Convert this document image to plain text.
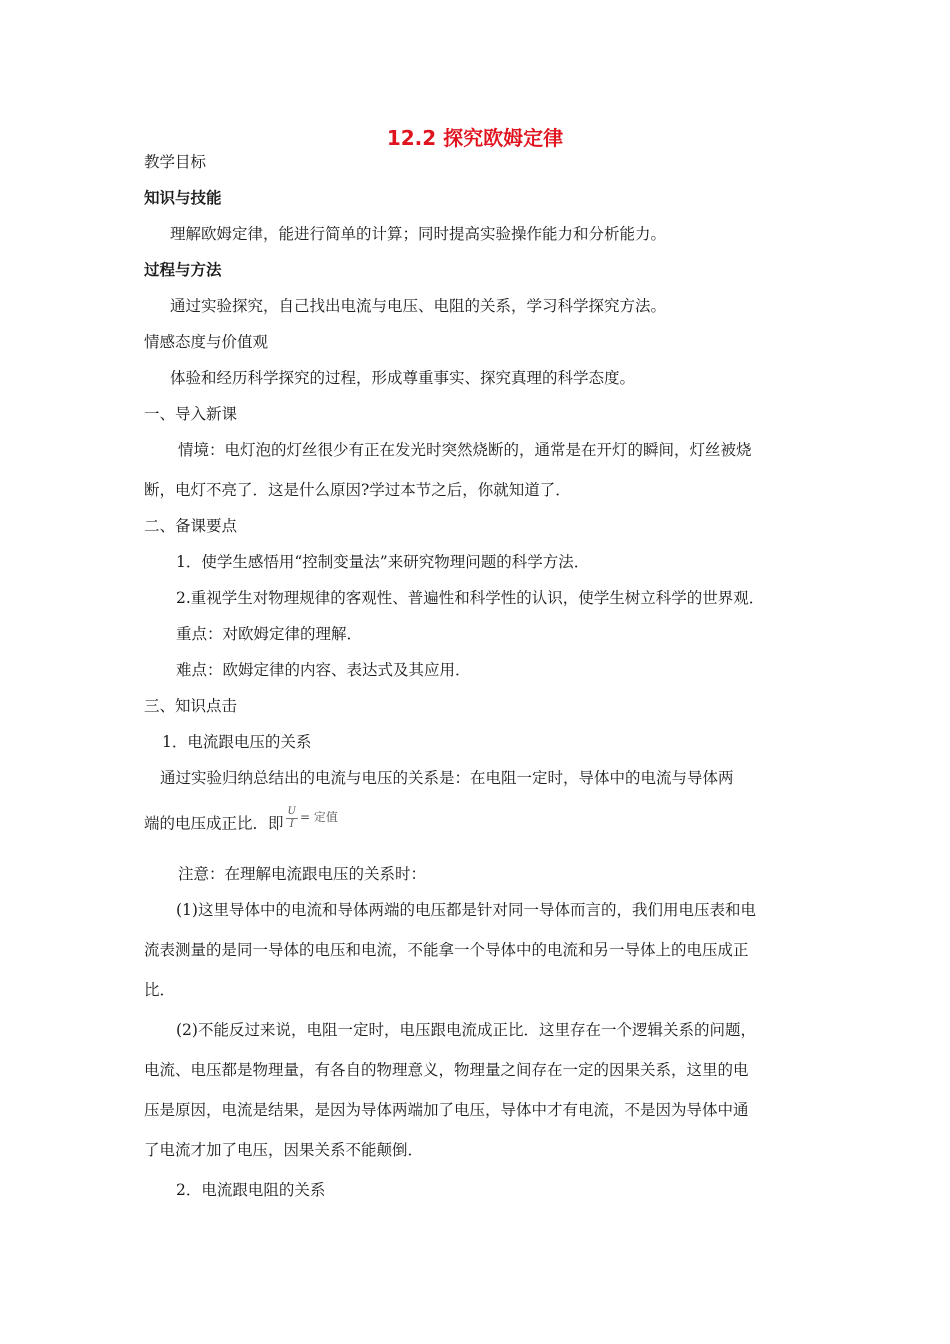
12.2 探究欧姆定律
教学目标
知识与技能
理解欧姆定律，能进行简单的计算；同时提高实验操作能力和分析能力。
过程与方法
通过实验探究，自己找出电流与电压、电阻的关系，学习科学探究方法。
情感态度与价值观
体验和经历科学探究的过程，形成尊重事实、探究真理的科学态度。
一、导入新课
情境：电灯泡的灯丝很少有正在发光时突然烧断的，通常是在开灯的瞬间，灯丝被烧
断，电灯不亮了．这是什么原因?学过本节之后，你就知道了．
二、备课要点
1．使学生感悟用“控制变量法”来研究物理问题的科学方法．
2.重视学生对物理规律的客观性、普遍性和科学性的认识，使学生树立科学的世界观．
重点：对欧姆定律的理解．
难点：欧姆定律的内容、表达式及其应用．
三、知识点击
1．电流跟电压的关系
通过实验归纳总结出的电流与电压的关系是：在电阻一定时，导体中的电流与导体两
端的电压成正比．即 $\frac{U}{I} ^{= 定值}$
注意：在理解电流跟电压的关系时：
(1)这里导体中的电流和导体两端的电压都是针对同一导体而言的，我们用电压表和电
流表测量的是同一导体的电压和电流，不能拿一个导体中的电流和另一导体上的电压成正
比．
(2)不能反过来说，电阻一定时，电压跟电流成正比．这里存在一个逻辑关系的问题，
电流、电压都是物理量，有各自的物理意义，物理量之间存在一定的因果关系，这里的电
压是原因，电流是结果，是因为导体两端加了电压，导体中才有电流，不是因为导体中通
了电流才加了电压，因果关系不能颠倒．
2．电流跟电阻的关系
